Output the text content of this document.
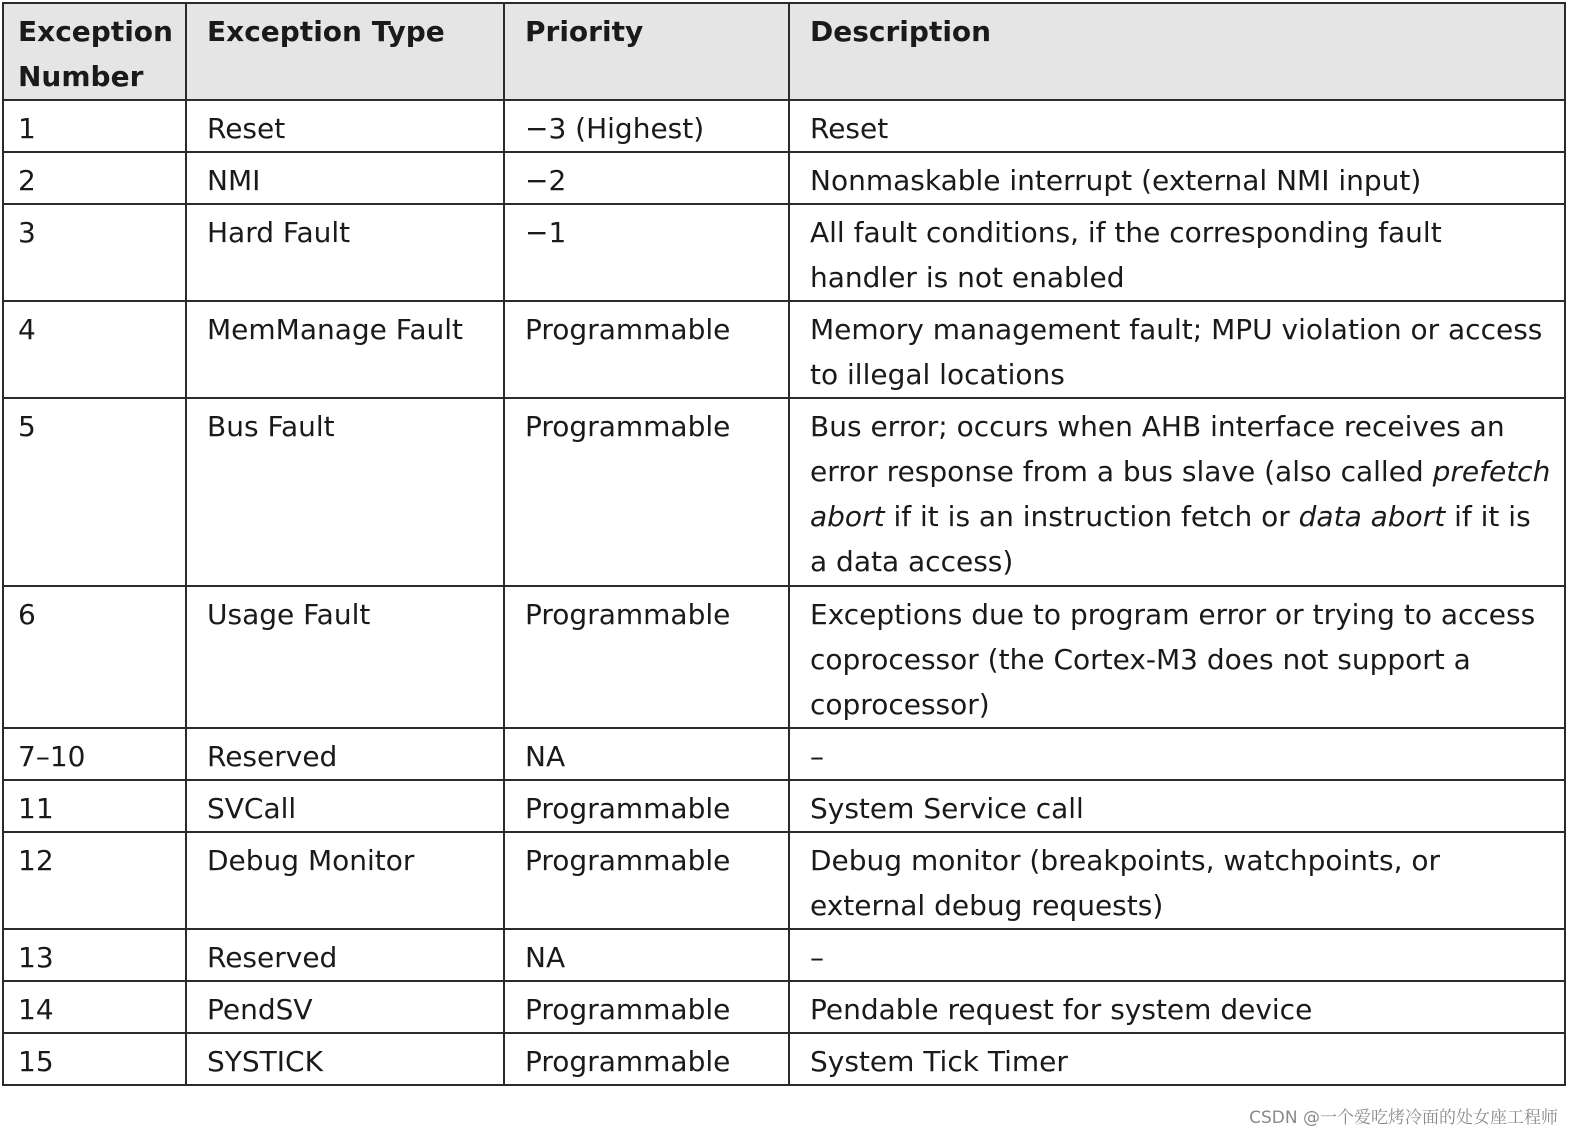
Exception Number	Exception Type	Priority	Description
1	Reset	−3 (Highest)	Reset
2	NMI	−2	Nonmaskable interrupt (external NMI input)
3	Hard Fault	−1	All fault conditions, if the corresponding fault handler is not enabled
4	MemManage Fault	Programmable	Memory management fault; MPU violation or access to illegal locations
5	Bus Fault	Programmable	Bus error; occurs when AHB interface receives an error response from a bus slave (also called prefetch abort if it is an instruction fetch or data abort if it is a data access)
6	Usage Fault	Programmable	Exceptions due to program error or trying to access coprocessor (the Cortex-M3 does not support a coprocessor)
7–10	Reserved	NA	–
11	SVCall	Programmable	System Service call
12	Debug Monitor	Programmable	Debug monitor (breakpoints, watchpoints, or external debug requests)
13	Reserved	NA	–
14	PendSV	Programmable	Pendable request for system device
15	SYSTICK	Programmable	System Tick Timer
CSDN @一个爱吃烤冷面的处女座工程师
